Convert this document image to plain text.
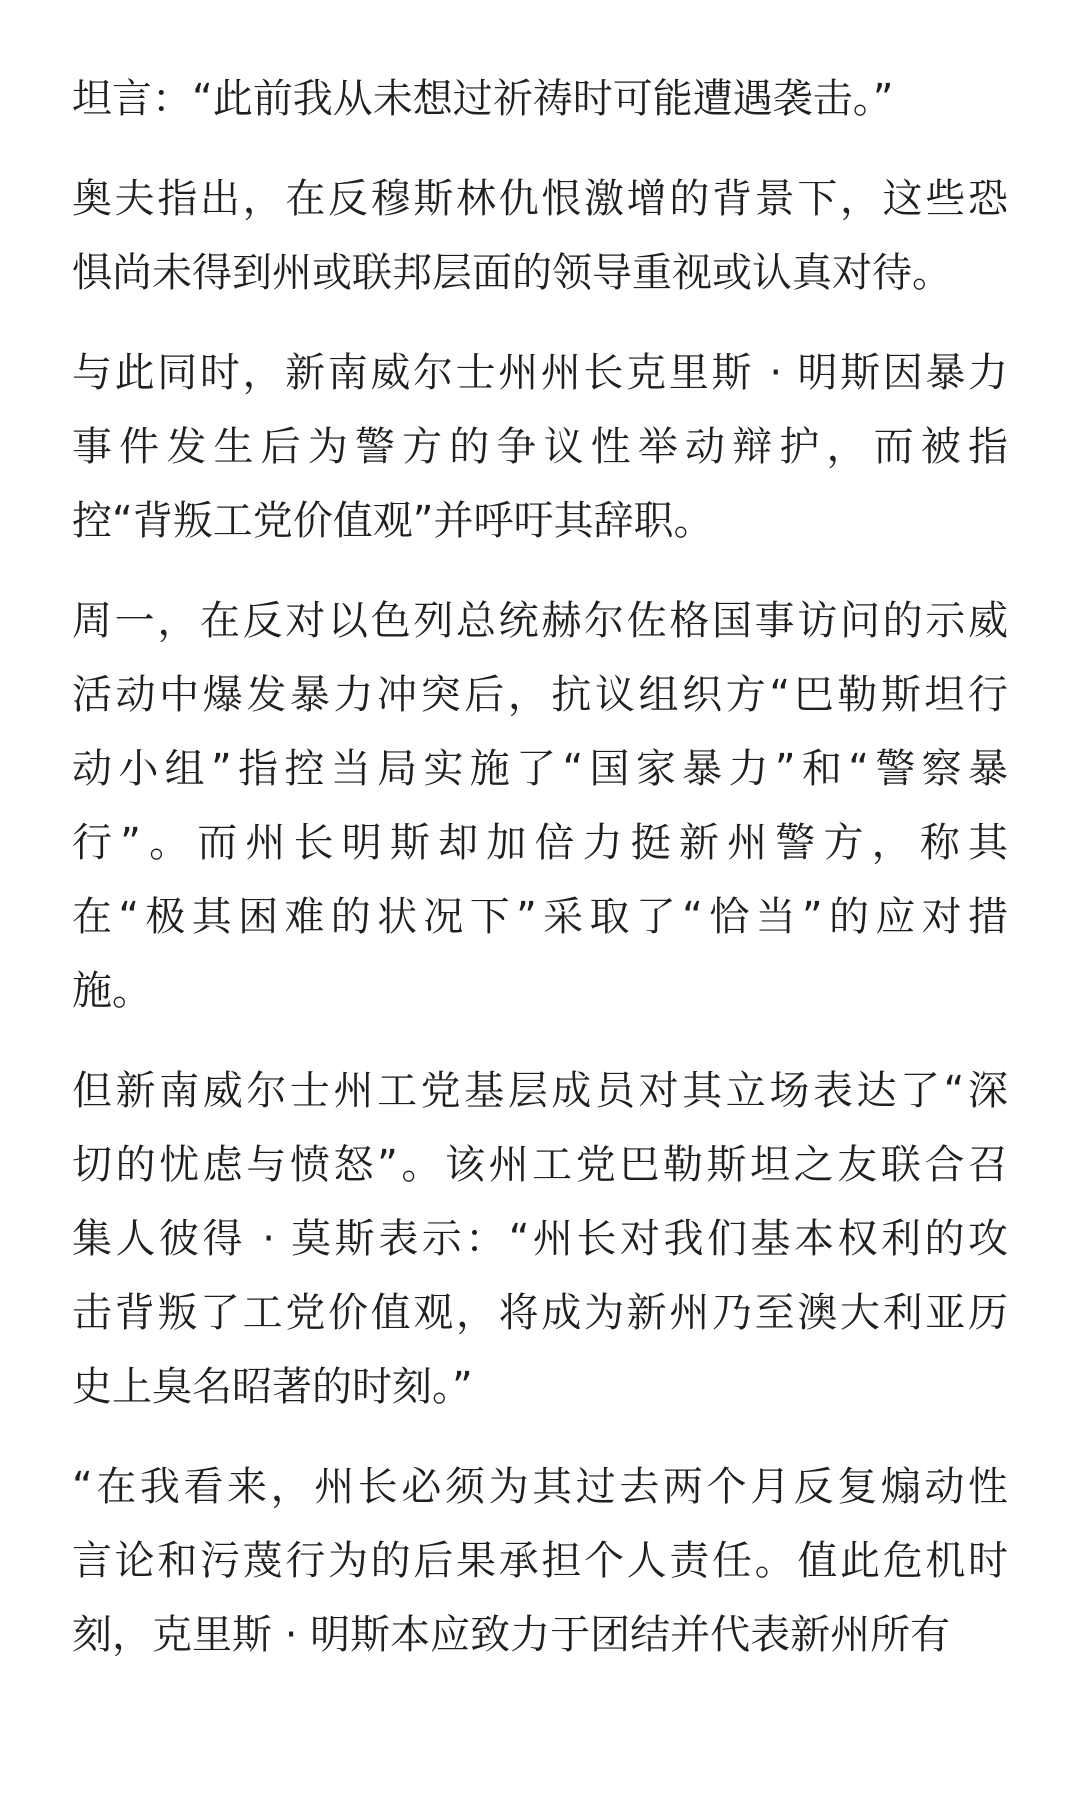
坦言：“此前我从未想过祈祷时可能遭遇袭击。”

奥夫指出，在反穆斯林仇恨激增的背景下，这些恐
惧尚未得到州或联邦层面的领导重视或认真对待。

与此同时，新南威尔士州州长克里斯 · 明斯因暴力
事件发生后为警方的争议性举动辩护，而被指
控“背叛工党价值观”并呼吁其辞职。

周一，在反对以色列总统赫尔佐格国事访问的示威
活动中爆发暴力冲突后，抗议组织方“巴勒斯坦行
动小组”指控当局实施了“国家暴力”和“警察暴
行”。而州长明斯却加倍力挺新州警方，称其
在“极其困难的状况下”采取了“恰当”的应对措
施。

但新南威尔士州工党基层成员对其立场表达了“深
切的忧虑与愤怒”。该州工党巴勒斯坦之友联合召
集人彼得 · 莫斯表示：“州长对我们基本权利的攻
击背叛了工党价值观，将成为新州乃至澳大利亚历
史上臭名昭著的时刻。”

“在我看来，州长必须为其过去两个月反复煽动性
言论和污蔑行为的后果承担个人责任。值此危机时
刻，克里斯 · 明斯本应致力于团结并代表新州所有
